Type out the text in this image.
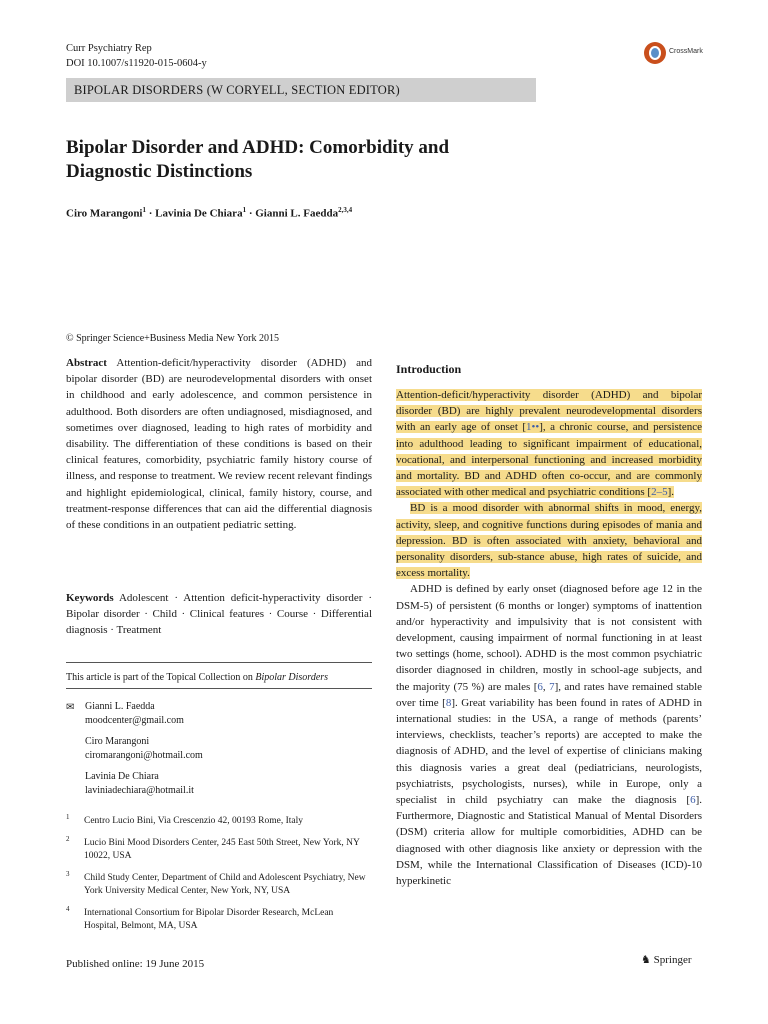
Curr Psychiatry Rep
DOI 10.1007/s11920-015-0604-y
CrossMark
BIPOLAR DISORDERS (W CORYELL, SECTION EDITOR)
Bipolar Disorder and ADHD: Comorbidity and Diagnostic Distinctions
Ciro Marangoni$^1$ · Lavinia De Chiara$^1$ · Gianni L. Faedda$^{2,3,4}$
© Springer Science+Business Media New York 2015
Abstract Attention-deficit/hyperactivity disorder (ADHD) and bipolar disorder (BD) are neurodevelopmental disorders with onset in childhood and early adolescence, and common persistence in adulthood. Both disorders are often undiagnosed, misdiagnosed, and sometimes over diagnosed, leading to high rates of morbidity and disability. The differentiation of these conditions is based on their clinical features, comorbidity, psychiatric family history course of illness, and response to treatment. We review recent relevant findings and highlight epidemiological, clinical, family history, course, and treatment-response differences that can aid the differential diagnosis of these conditions in an outpatient pediatric setting.
Keywords Adolescent · Attention deficit-hyperactivity disorder · Bipolar disorder · Child · Clinical features · Course · Differential diagnosis · Treatment
This article is part of the Topical Collection on Bipolar Disorders
✉ Gianni L. Faedda
moodcenter@gmail.com
Ciro Marangoni
ciromarangoni@hotmail.com
Lavinia De Chiara
laviniadechiara@hotmail.it
1 Centro Lucio Bini, Via Crescenzio 42, 00193 Rome, Italy
2 Lucio Bini Mood Disorders Center, 245 East 50th Street, New York, NY 10022, USA
3 Child Study Center, Department of Child and Adolescent Psychiatry, New York University Medical Center, New York, NY, USA
4 International Consortium for Bipolar Disorder Research, McLean Hospital, Belmont, MA, USA
Published online: 19 June 2015	♞ Springer
Introduction

Attention-deficit/hyperactivity disorder (ADHD) and bipolar disorder (BD) are highly prevalent neurodevelopmental disorders with an early age of onset [1••], a chronic course, and persistence into adulthood leading to significant impairment of educational, vocational, and interpersonal functioning and increased morbidity and mortality. BD and ADHD often co-occur, and are commonly associated with other medical and psychiatric conditions [2–5].

BD is a mood disorder with abnormal shifts in mood, energy, activity, sleep, and cognitive functions during episodes of mania and depression. BD is often associated with anxiety, behavioral and personality disorders, sub-stance abuse, high rates of suicide, and excess mortality.

ADHD is defined by early onset (diagnosed before age 12 in the DSM-5) of persistent (6 months or longer) symptoms of inattention and/or hyperactivity and impulsivity that is not consistent with development, causing impairment of normal functioning in at least two settings (home, school). ADHD is the most common psychiatric disorder diagnosed in children, mostly in school-age subjects, and the majority (75 %) are males [6, 7], and rates have remained stable over time [8]. Great variability has been found in rates of ADHD in international studies: in the USA, a range of methods (parents’ interviews, checklists, teacher’s reports) are accepted to make the diagnosis of ADHD, and the level of expertise of clinicians making this diagnosis varies a great deal (pediatricians, neurologists, psychiatrists, psychologists, nurses), while in Europe, only a specialist in child psychiatry can make the diagnosis [6]. Furthermore, Diagnostic and Statistical Manual of Mental Disorders (DSM) criteria allow for multiple comorbidities, ADHD can be diagnosed with other diagnosis like anxiety or depression with the DSM, while the International Classification of Diseases (ICD)-10 hyperkinetic
